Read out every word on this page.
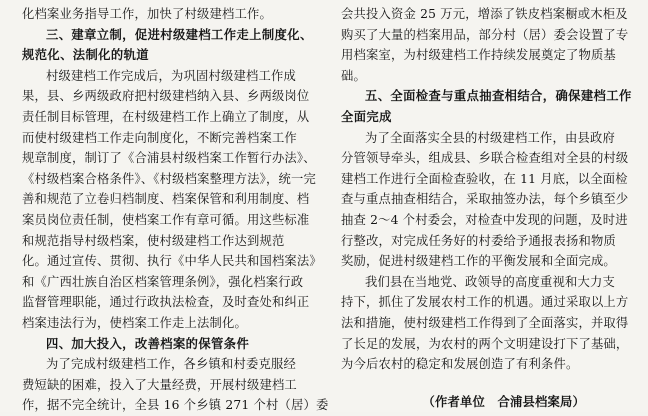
化档案业务指导工作，加快了村级建档工作。
三、建章立制，促进村级建档工作走上制度化、
规范化、法制化的轨道
村级建档工作完成后，为巩固村级建档工作成
果，县、乡两级政府把村级建档纳入县、乡两级岗位
责任制目标管理，在村级建档工作上确立了制度，从
而使村级建档工作走向制度化，不断完善档案工作
规章制度，制订了《合浦县村级档案工作暂行办法》、
《村级档案合格条件》、《村级档案整理方法》，统一完
善和规范了立卷归档制度、档案保管和利用制度、档
案员岗位责任制，使档案工作有章可循。用这些标准
和规范指导村级档案，使村级建档工作达到规范
化。通过宣传、贯彻、执行《中华人民共和国档案法》
和《广西壮族自治区档案管理条例》，强化档案行政
监督管理职能，通过行政执法检查，及时查处和纠正
档案违法行为，使档案工作走上法制化。
四、加大投入，改善档案的保管条件
为了完成村级建档工作，各乡镇和村委克服经
费短缺的困难，投入了大量经费，开展村级建档工
作，据不完全统计，全县 16 个乡镇 271 个村（居）委
会共投入资金 25 万元，增添了铁皮档案橱或木柜及
购买了大量的档案用品，部分村（居）委会设置了专
用档案室，为村级建档工作持续发展奠定了物质基
础。
五、全面检查与重点抽查相结合，确保建档工作
全面完成
为了全面落实全县的村级建档工作，由县政府
分管领导牵头，组成县、乡联合检查组对全县的村级
建档工作进行全面检查验收，在 11 月底，以全面检
查与重点抽查相结合，采取抽签办法，每个乡镇至少
抽查 2～4 个村委会，对检查中发现的问题，及时进
行整改，对完成任务好的村委给予通报表扬和物质
奖励，促进村级建档工作的平衡发展和全面完成。
我们县在当地党、政领导的高度重视和大力支
持下，抓住了发展农村工作的机遇。通过采取以上方
法和措施，使村级建档工作得到了全面落实，并取得
了长足的发展，为农村的两个文明建设打下了基础，
为今后农村的稳定和发展创造了有利条件。
（作者单位　合浦县档案局）
